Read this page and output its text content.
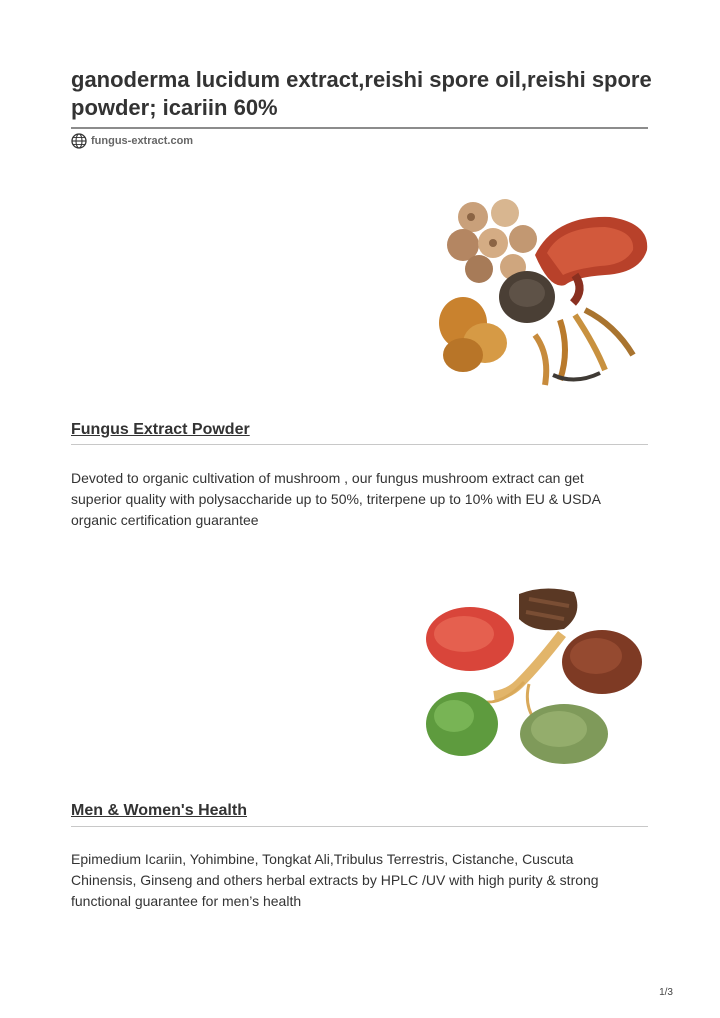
ganoderma lucidum extract,reishi spore oil,reishi spore powder; icariin 60%
fungus-extract.com
Fungus Extract Powder

Devoted to organic cultivation of mushroom , our fungus mushroom extract can get superior quality with polysaccharide up to 50%, triterpene up to 10% with EU & USDA organic certification guarantee

Men & Women's Health

Epimedium Icariin, Yohimbine, Tongkat Ali,Tribulus Terrestris, Cistanche, Cuscuta Chinensis, Ginseng and others herbal extracts by HPLC /UV with high purity & strong functional guarantee for men’s health

1/3
